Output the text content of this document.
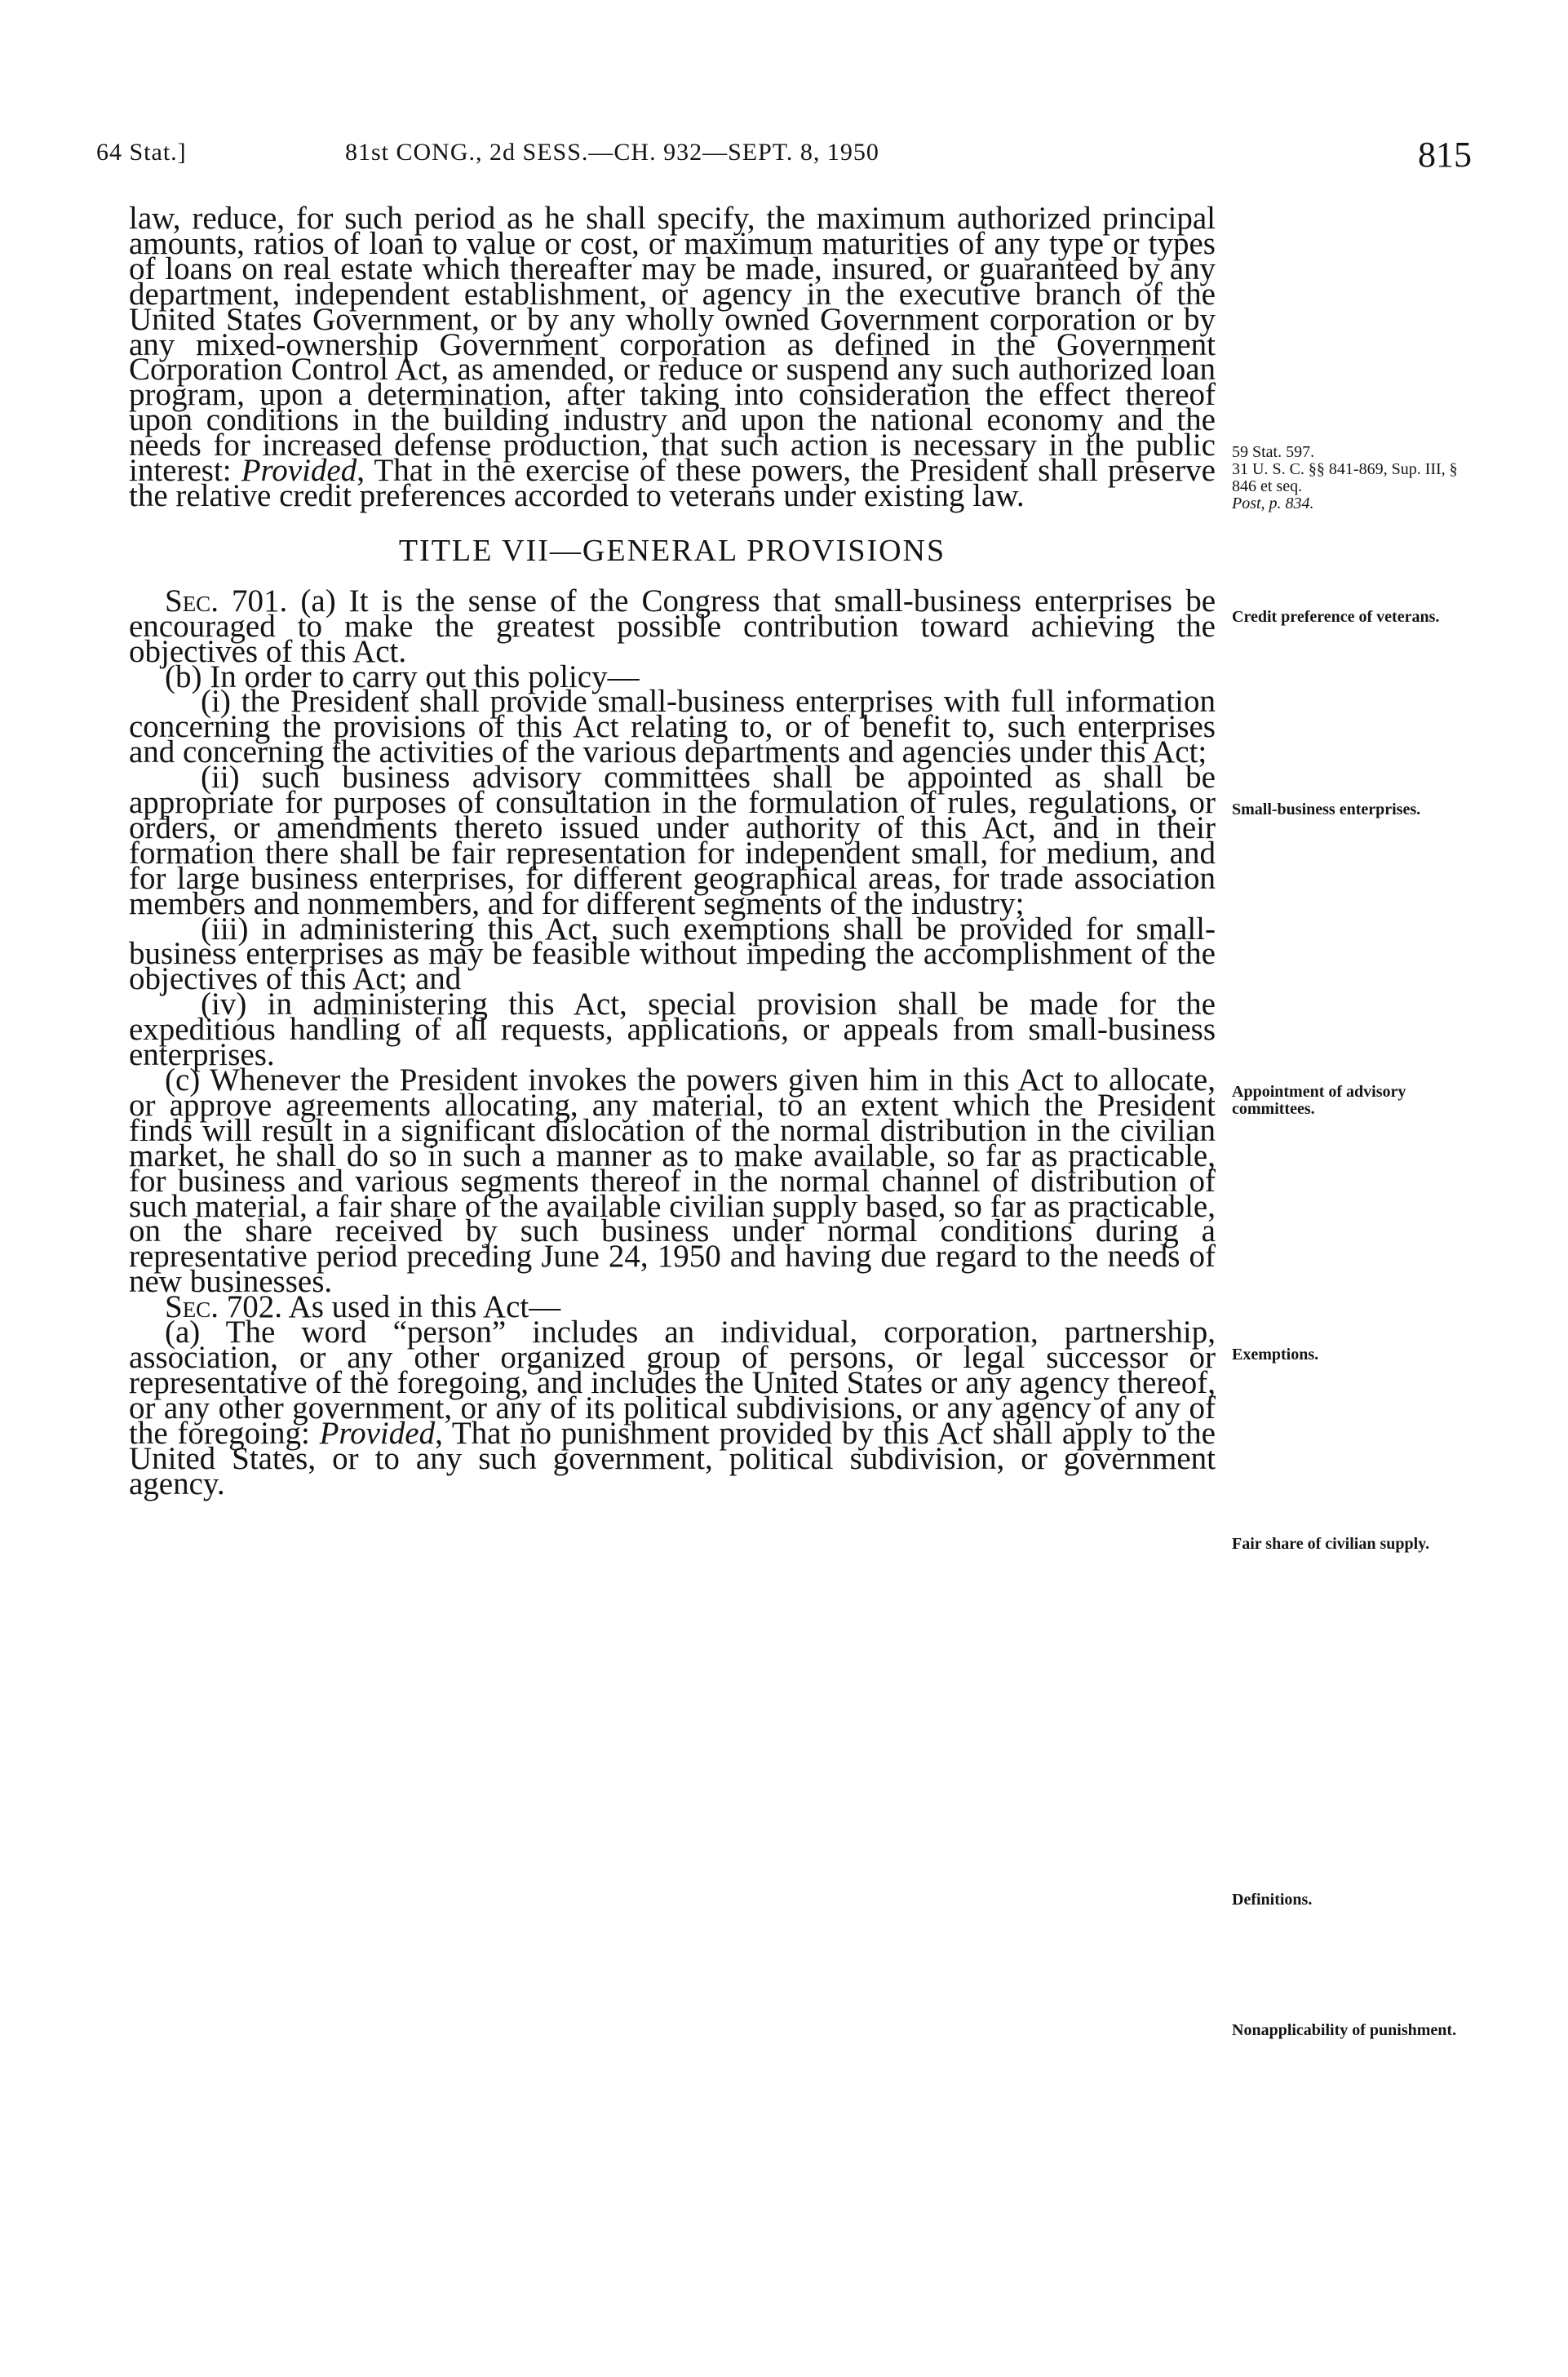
64 Stat.]	81st CONG., 2d SESS.—CH. 932—SEPT. 8, 1950	815

law, reduce, for such period as he shall specify, the maximum authorized principal amounts, ratios of loan to value or cost, or maximum maturities of any type or types of loans on real estate which thereafter may be made, insured, or guaranteed by any department, independent establishment, or agency in the executive branch of the United States Government, or by any wholly owned Government corporation or by any mixed-ownership Government corporation as defined in the Government Corporation Control Act, as amended, or reduce or suspend any such authorized loan program, upon a determination, after taking into consideration the effect thereof upon conditions in the building industry and upon the national economy and the needs for increased defense production, that such action is necessary in the public interest: Provided, That in the exercise of these powers, the President shall preserve the relative credit preferences accorded to veterans under existing law.

TITLE VII—GENERAL PROVISIONS

Sec. 701. (a) It is the sense of the Congress that small-business enterprises be encouraged to make the greatest possible contribution toward achieving the objectives of this Act.

(b) In order to carry out this policy—

(i) the President shall provide small-business enterprises with full information concerning the provisions of this Act relating to, or of benefit to, such enterprises and concerning the activities of the various departments and agencies under this Act;

(ii) such business advisory committees shall be appointed as shall be appropriate for purposes of consultation in the formulation of rules, regulations, or orders, or amendments thereto issued under authority of this Act, and in their formation there shall be fair representation for independent small, for medium, and for large business enterprises, for different geographical areas, for trade association members and nonmembers, and for different segments of the industry;

(iii) in administering this Act, such exemptions shall be provided for small-business enterprises as may be feasible without impeding the accomplishment of the objectives of this Act; and

(iv) in administering this Act, special provision shall be made for the expeditious handling of all requests, applications, or appeals from small-business enterprises.

(c) Whenever the President invokes the powers given him in this Act to allocate, or approve agreements allocating, any material, to an extent which the President finds will result in a significant dislocation of the normal distribution in the civilian market, he shall do so in such a manner as to make available, so far as practicable, for business and various segments thereof in the normal channel of distribution of such material, a fair share of the available civilian supply based, so far as practicable, on the share received by such business under normal conditions during a representative period preceding June 24, 1950 and having due regard to the needs of new businesses.

Sec. 702. As used in this Act—

(a) The word “person” includes an individual, corporation, partnership, association, or any other organized group of persons, or legal successor or representative of the foregoing, and includes the United States or any agency thereof, or any other government, or any of its political subdivisions, or any agency of any of the foregoing: Provided, That no punishment provided by this Act shall apply to the United States, or to any such government, political subdivision, or government agency.

59 Stat. 597.
31 U. S. C. §§ 841-869, Sup. III, § 846 et seq.
Post, p. 834.
Credit preference of veterans.
Small-business enterprises.
Appointment of advisory committees.
Exemptions.
Fair share of civilian supply.
Definitions.
Nonapplicability of punishment.
